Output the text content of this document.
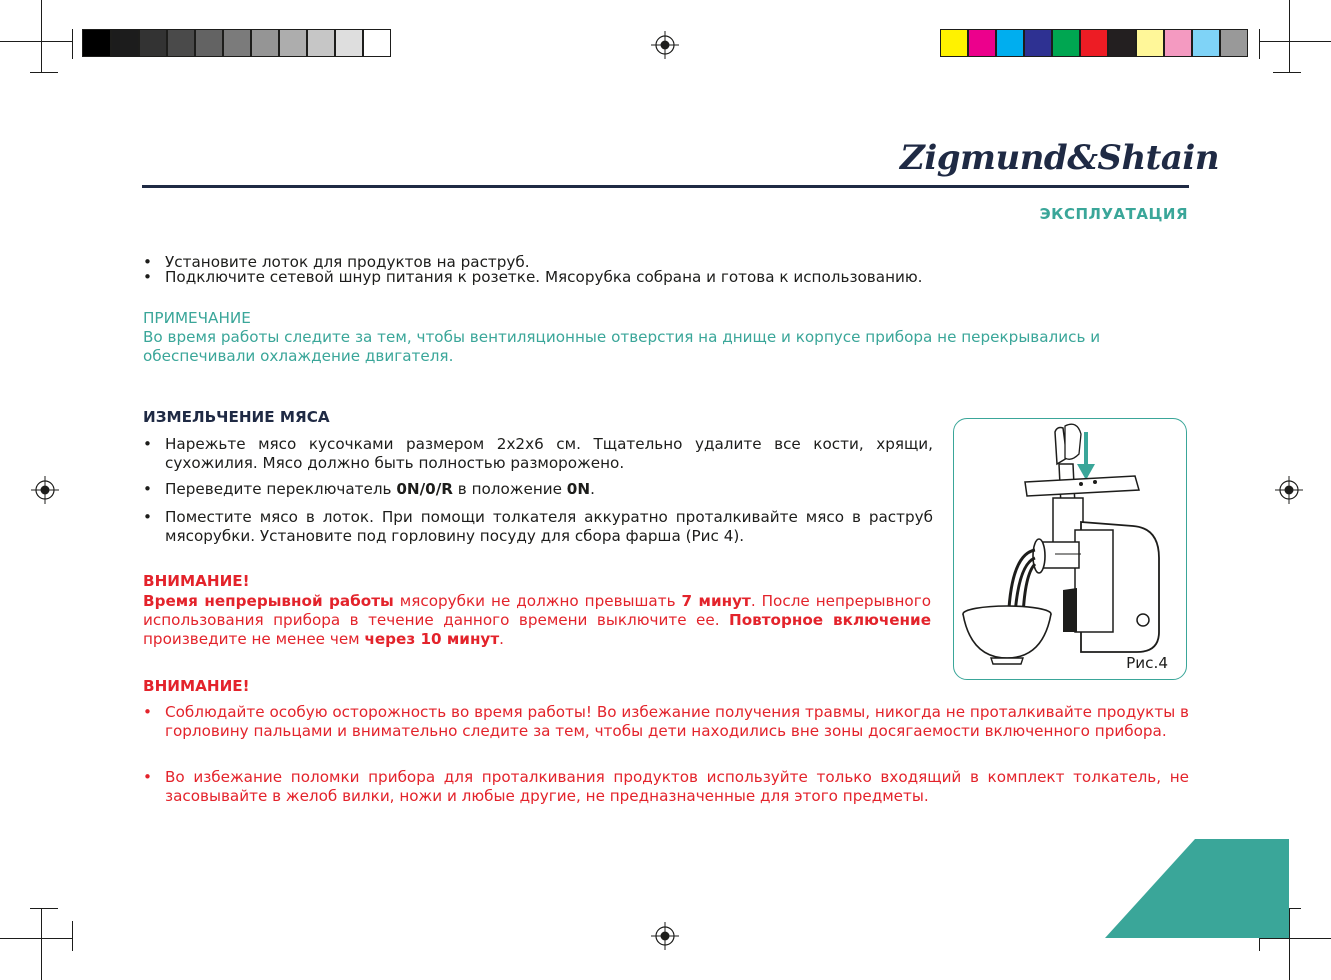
Zigmund&Shtain
ЭКСПЛУАТАЦИЯ
• Установите лоток для продуктов на раструб.
• Подключите сетевой шнур питания к розетке. Мясорубка собрана и готова к использованию.
ПРИМЕЧАНИЕ
Во время работы следите за тем, чтобы вентиляционные отверстия на днище и корпусе прибора не перекрывались и обеспечивали охлаждение двигателя.
ИЗМЕЛЬЧЕНИЕ МЯСА
• Нарежьте мясо кусочками размером 2x2x6 см. Тщательно удалите все кости, хрящи, сухожилия. Мясо должно быть полностью разморожено.
• Переведите переключатель 0N/0/R в положение 0N.
• Поместите мясо в лоток. При помощи толкателя аккуратно проталкивайте мясо в раструб мясорубки. Установите под горловину посуду для сбора фарша (Рис 4).
ВНИМАНИЕ!
Время непрерывной работы мясорубки не должно превышать 7 минут. После непрерывного использования прибора в течение данного времени выключите ее. Повторное включение произведите не менее чем через 10 минут.
Рис.4
ВНИМАНИЕ!
• Соблюдайте особую осторожность во время работы! Во избежание получения травмы, никогда не проталкивайте продукты в горловину пальцами и внимательно следите за тем, чтобы дети находились вне зоны досягаемости включенного прибора.
• Во избежание поломки прибора для проталкивания продуктов используйте только входящий в комплект толкатель, не засовывайте в желоб вилки, ножи и любые другие, не предназначенные для этого предметы.
